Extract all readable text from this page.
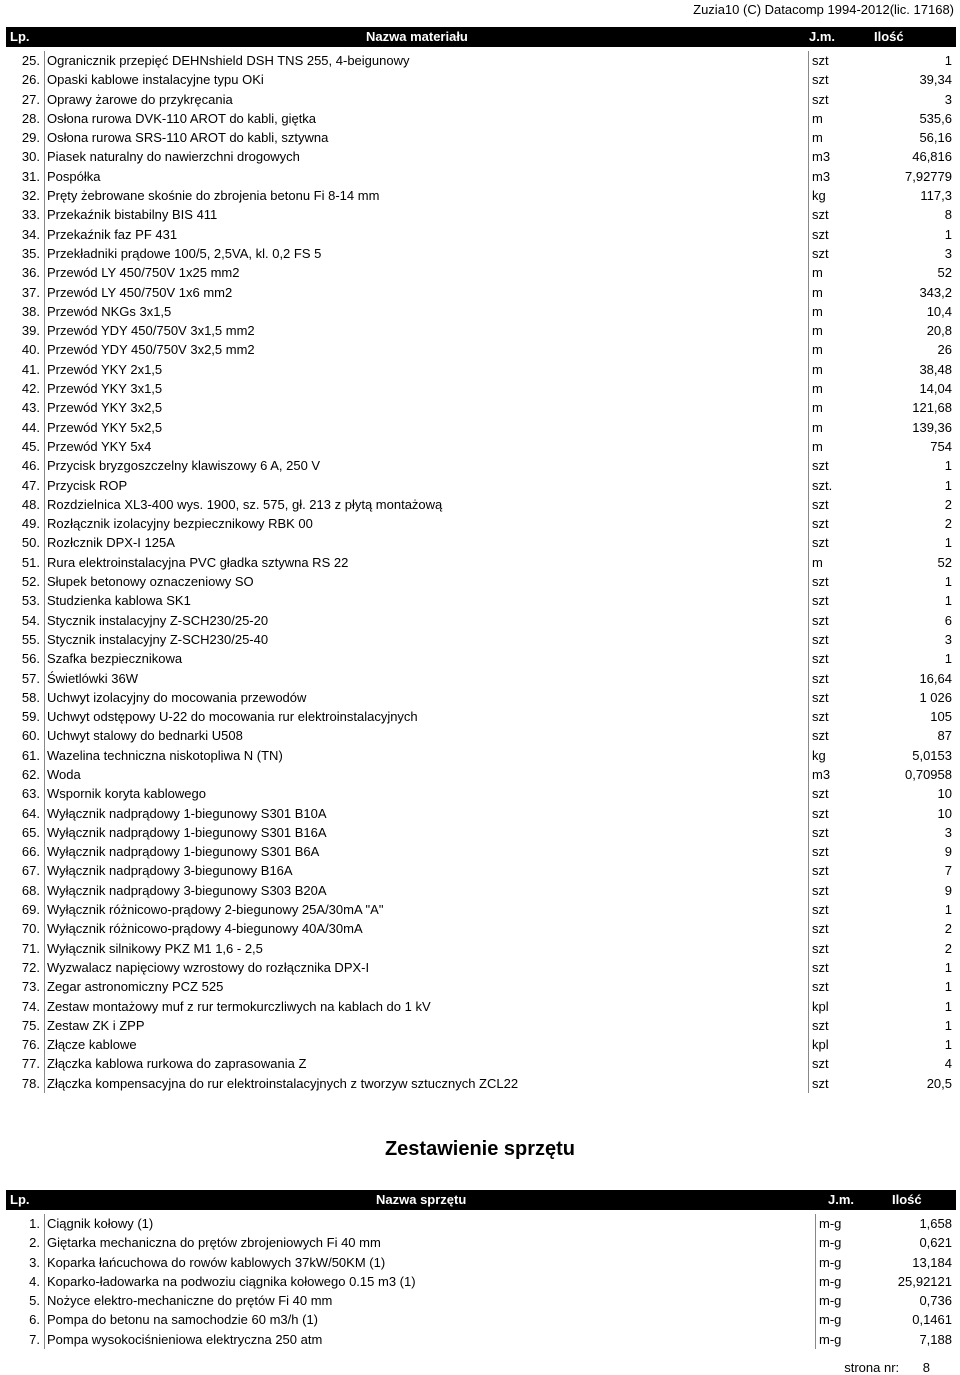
Zuzia10 (C) Datacomp 1994-2012(lic. 17168)
Lp.	Nazwa materiału	J.m.	Ilość
25. Ogranicznik przepięć DEHNshield DSH TNS 255, 4-beigunowy	szt	1
26. Opaski kablowe instalacyjne typu OKi	szt	39,34
27. Oprawy żarowe do przykręcania	szt	3
28. Osłona rurowa DVK-110 AROT do kabli, giętka	m	535,6
29. Osłona rurowa SRS-110 AROT do kabli, sztywna	m	56,16
30. Piasek naturalny do nawierzchni drogowych	m3	46,816
31. Pospółka	m3	7,92779
32. Pręty żebrowane skośnie do zbrojenia betonu Fi 8-14 mm	kg	117,3
33. Przekaźnik bistabilny BIS 411	szt	8
34. Przekaźnik faz PF 431	szt	1
35. Przekładniki prądowe 100/5, 2,5VA, kl. 0,2 FS 5	szt	3
36. Przewód LY 450/750V 1x25 mm2	m	52
37. Przewód LY 450/750V 1x6 mm2	m	343,2
38. Przewód NKGs 3x1,5	m	10,4
39. Przewód YDY 450/750V 3x1,5 mm2	m	20,8
40. Przewód YDY 450/750V 3x2,5 mm2	m	26
41. Przewód YKY 2x1,5	m	38,48
42. Przewód YKY 3x1,5	m	14,04
43. Przewód YKY 3x2,5	m	121,68
44. Przewód YKY 5x2,5	m	139,36
45. Przewód YKY 5x4	m	754
46. Przycisk bryzgoszczelny klawiszowy 6 A, 250 V	szt	1
47. Przycisk ROP	szt.	1
48. Rozdzielnica XL3-400 wys. 1900, sz. 575, gł. 213 z płytą montażową	szt	2
49. Rozłącznik izolacyjny bezpiecznikowy RBK 00	szt	2
50. Rozłcznik DPX-I 125A	szt	1
51. Rura elektroinstalacyjna PVC gładka sztywna RS 22	m	52
52. Słupek betonowy oznaczeniowy SO	szt	1
53. Studzienka kablowa SK1	szt	1
54. Stycznik instalacyjny Z-SCH230/25-20	szt	6
55. Stycznik instalacyjny Z-SCH230/25-40	szt	3
56. Szafka bezpiecznikowa	szt	1
57. Świetlówki 36W	szt	16,64
58. Uchwyt izolacyjny do mocowania przewodów	szt	1 026
59. Uchwyt odstępowy U-22 do mocowania rur elektroinstalacyjnych	szt	105
60. Uchwyt stalowy do bednarki U508	szt	87
61. Wazelina techniczna niskotopliwa N (TN)	kg	5,0153
62. Woda	m3	0,70958
63. Wspornik koryta kablowego	szt	10
64. Wyłącznik nadprądowy 1-biegunowy S301 B10A	szt	10
65. Wyłącznik nadprądowy 1-biegunowy S301 B16A	szt	3
66. Wyłącznik nadprądowy 1-biegunowy S301 B6A	szt	9
67. Wyłącznik nadprądowy 3-biegunowy B16A	szt	7
68. Wyłącznik nadprądowy 3-biegunowy S303 B20A	szt	9
69. Wyłącznik różnicowo-prądowy 2-biegunowy 25A/30mA "A"	szt	1
70. Wyłącznik różnicowo-prądowy 4-biegunowy 40A/30mA	szt	2
71. Wyłącznik silnikowy PKZ M1 1,6 - 2,5	szt	2
72. Wyzwalacz napięciowy wzrostowy do rozłącznika DPX-I	szt	1
73. Zegar astronomiczny PCZ 525	szt	1
74. Zestaw montażowy muf z rur termokurczliwych na kablach do 1 kV	kpl	1
75. Zestaw ZK i ZPP	szt	1
76. Złącze kablowe	kpl	1
77. Złączka kablowa rurkowa do zaprasowania Z	szt	4
78. Złączka kompensacyjna do rur elektroinstalacyjnych z tworzyw sztucznych ZCL22	szt	20,5
Zestawienie sprzętu
Lp.	Nazwa sprzętu	J.m.	Ilość
1. Ciągnik kołowy (1)	m-g	1,658
2. Giętarka mechaniczna do prętów zbrojeniowych Fi 40 mm	m-g	0,621
3. Koparka łańcuchowa do rowów kablowych 37kW/50KM (1)	m-g	13,184
4. Koparko-ładowarka na podwoziu ciągnika kołowego 0.15 m3 (1)	m-g	25,92121
5. Nożyce elektro-mechaniczne do prętów Fi 40 mm	m-g	0,736
6. Pompa do betonu na samochodzie 60 m3/h (1)	m-g	0,1461
7. Pompa wysokociśnieniowa elektryczna 250 atm	m-g	7,188
strona nr: 8
